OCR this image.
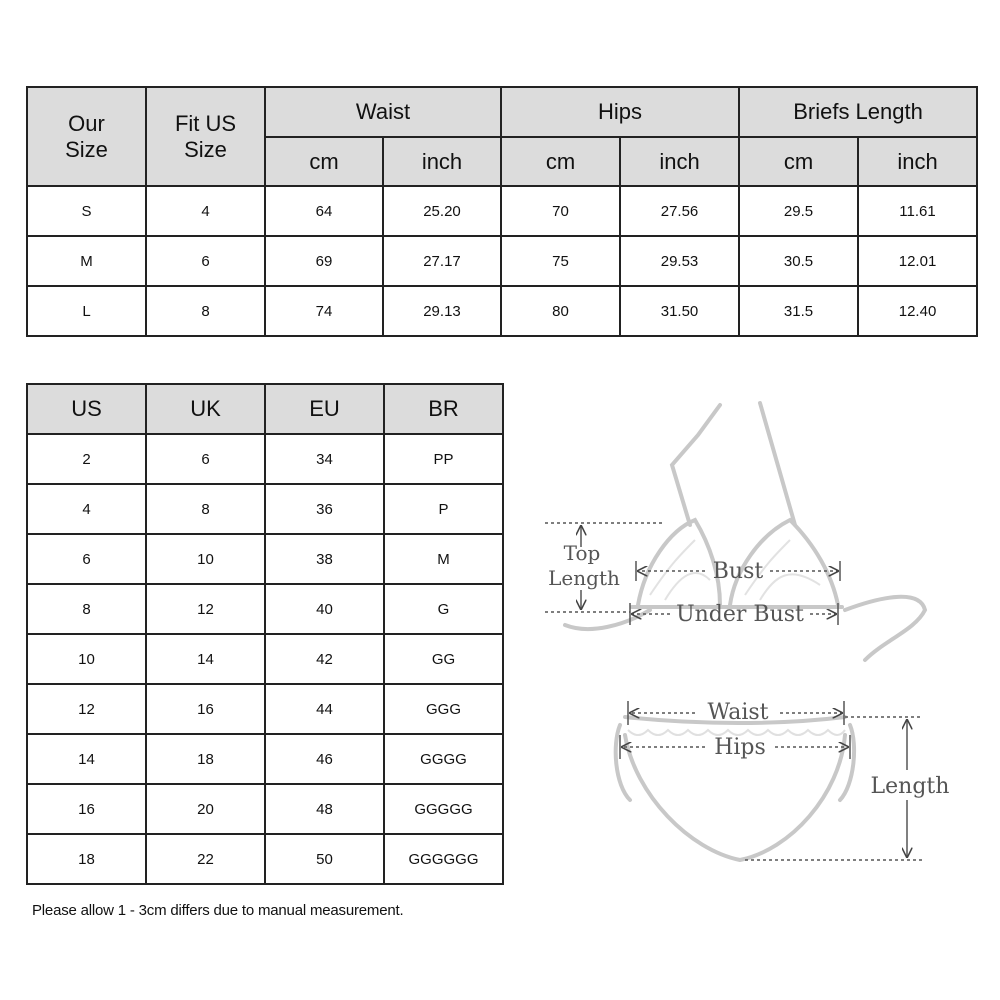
Our Size	Fit US Size	Waist		Hips		Briefs Length	
		cm	inch	cm	inch	cm	inch
S	4	64	25.20	70	27.56	29.5	11.61
M	6	69	27.17	75	29.53	30.5	12.01
L	8	74	29.13	80	31.50	31.5	12.40
US	UK	EU	BR
2	6	34	PP
4	8	36	P
6	10	38	M
8	12	40	G
10	14	42	GG
12	16	44	GGG
14	18	46	GGGG
16	20	48	GGGGG
18	22	50	GGGGGG
Please allow 1 - 3cm differs due to manual measurement.
Top
Length	Bust
Under Bust
Waist
Hips
Length
